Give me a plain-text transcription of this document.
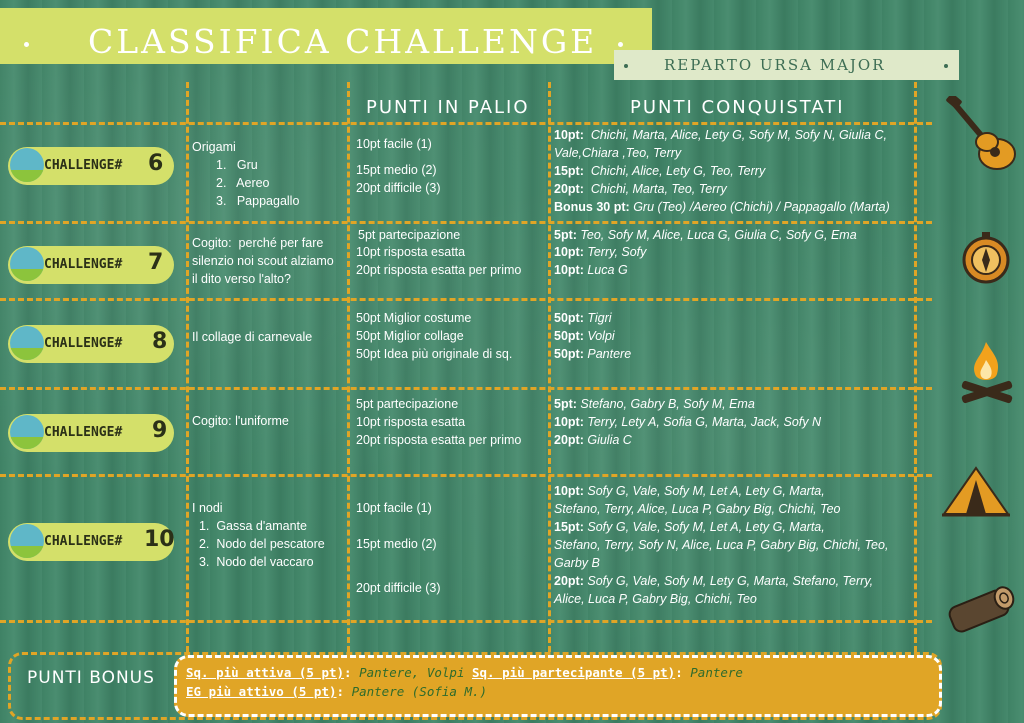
CLASSIFICA CHALLENGE
REPARTO URSA MAJOR
PUNTI IN PALIO	PUNTI CONQUISTATI
CHALLENGE# 6
Origami
1.   Gru
2.   Aereo
3.   Pappagallo
10pt facile (1)
15pt medio (2)
20pt difficile (3)
10pt: Chichi, Marta, Alice, Lety G, Sofy M, Sofy N, Giulia C,
Vale,Chiara ,Teo, Terry
15pt: Chichi, Alice, Lety G, Teo, Terry
20pt: Chichi, Marta, Teo, Terry
Bonus 30 pt: Gru (Teo) /Aereo (Chichi) / Pappagallo (Marta)
CHALLENGE# 7
Cogito:  perché per fare
silenzio noi scout alziamo
il dito verso l'alto?
5pt partecipazione
10pt risposta esatta
20pt risposta esatta per primo
5pt: Teo, Sofy M, Alice, Luca G, Giulia C, Sofy G, Ema
10pt: Terry, Sofy
10pt: Luca G
CHALLENGE# 8 Il collage di carnevale
50pt Miglior costume
50pt Miglior collage
50pt Idea più originale di sq.
50pt: Tigri
50pt: Volpi
50pt: Pantere
CHALLENGE# 9 Cogito: l'uniforme
5pt partecipazione
10pt risposta esatta
20pt risposta esatta per primo
5pt: Stefano, Gabry B, Sofy M, Ema
10pt: Terry, Lety A, Sofia G, Marta, Jack, Sofy N
20pt: Giulia C
CHALLENGE# 10
I nodi
1.  Gassa d'amante
2.  Nodo del pescatore
3.  Nodo del vaccaro
10pt facile (1)
15pt medio (2)
20pt difficile (3)
10pt: Sofy G, Vale, Sofy M, Let A, Lety G, Marta,
Stefano, Terry, Alice, Luca P, Gabry Big, Chichi, Teo
15pt: Sofy G, Vale, Sofy M, Let A, Lety G, Marta,
Stefano, Terry, Sofy N, Alice, Luca P, Gabry Big, Chichi, Teo,
Garby B
20pt: Sofy G, Vale, Sofy M, Lety G, Marta, Stefano, Terry,
Alice, Luca P, Gabry Big, Chichi, Teo
PUNTI BONUS Sq. più attiva (5 pt): Pantere, Volpi Sq. più partecipante (5 pt): Pantere
EG più attivo (5 pt): Pantere (Sofia M.)
